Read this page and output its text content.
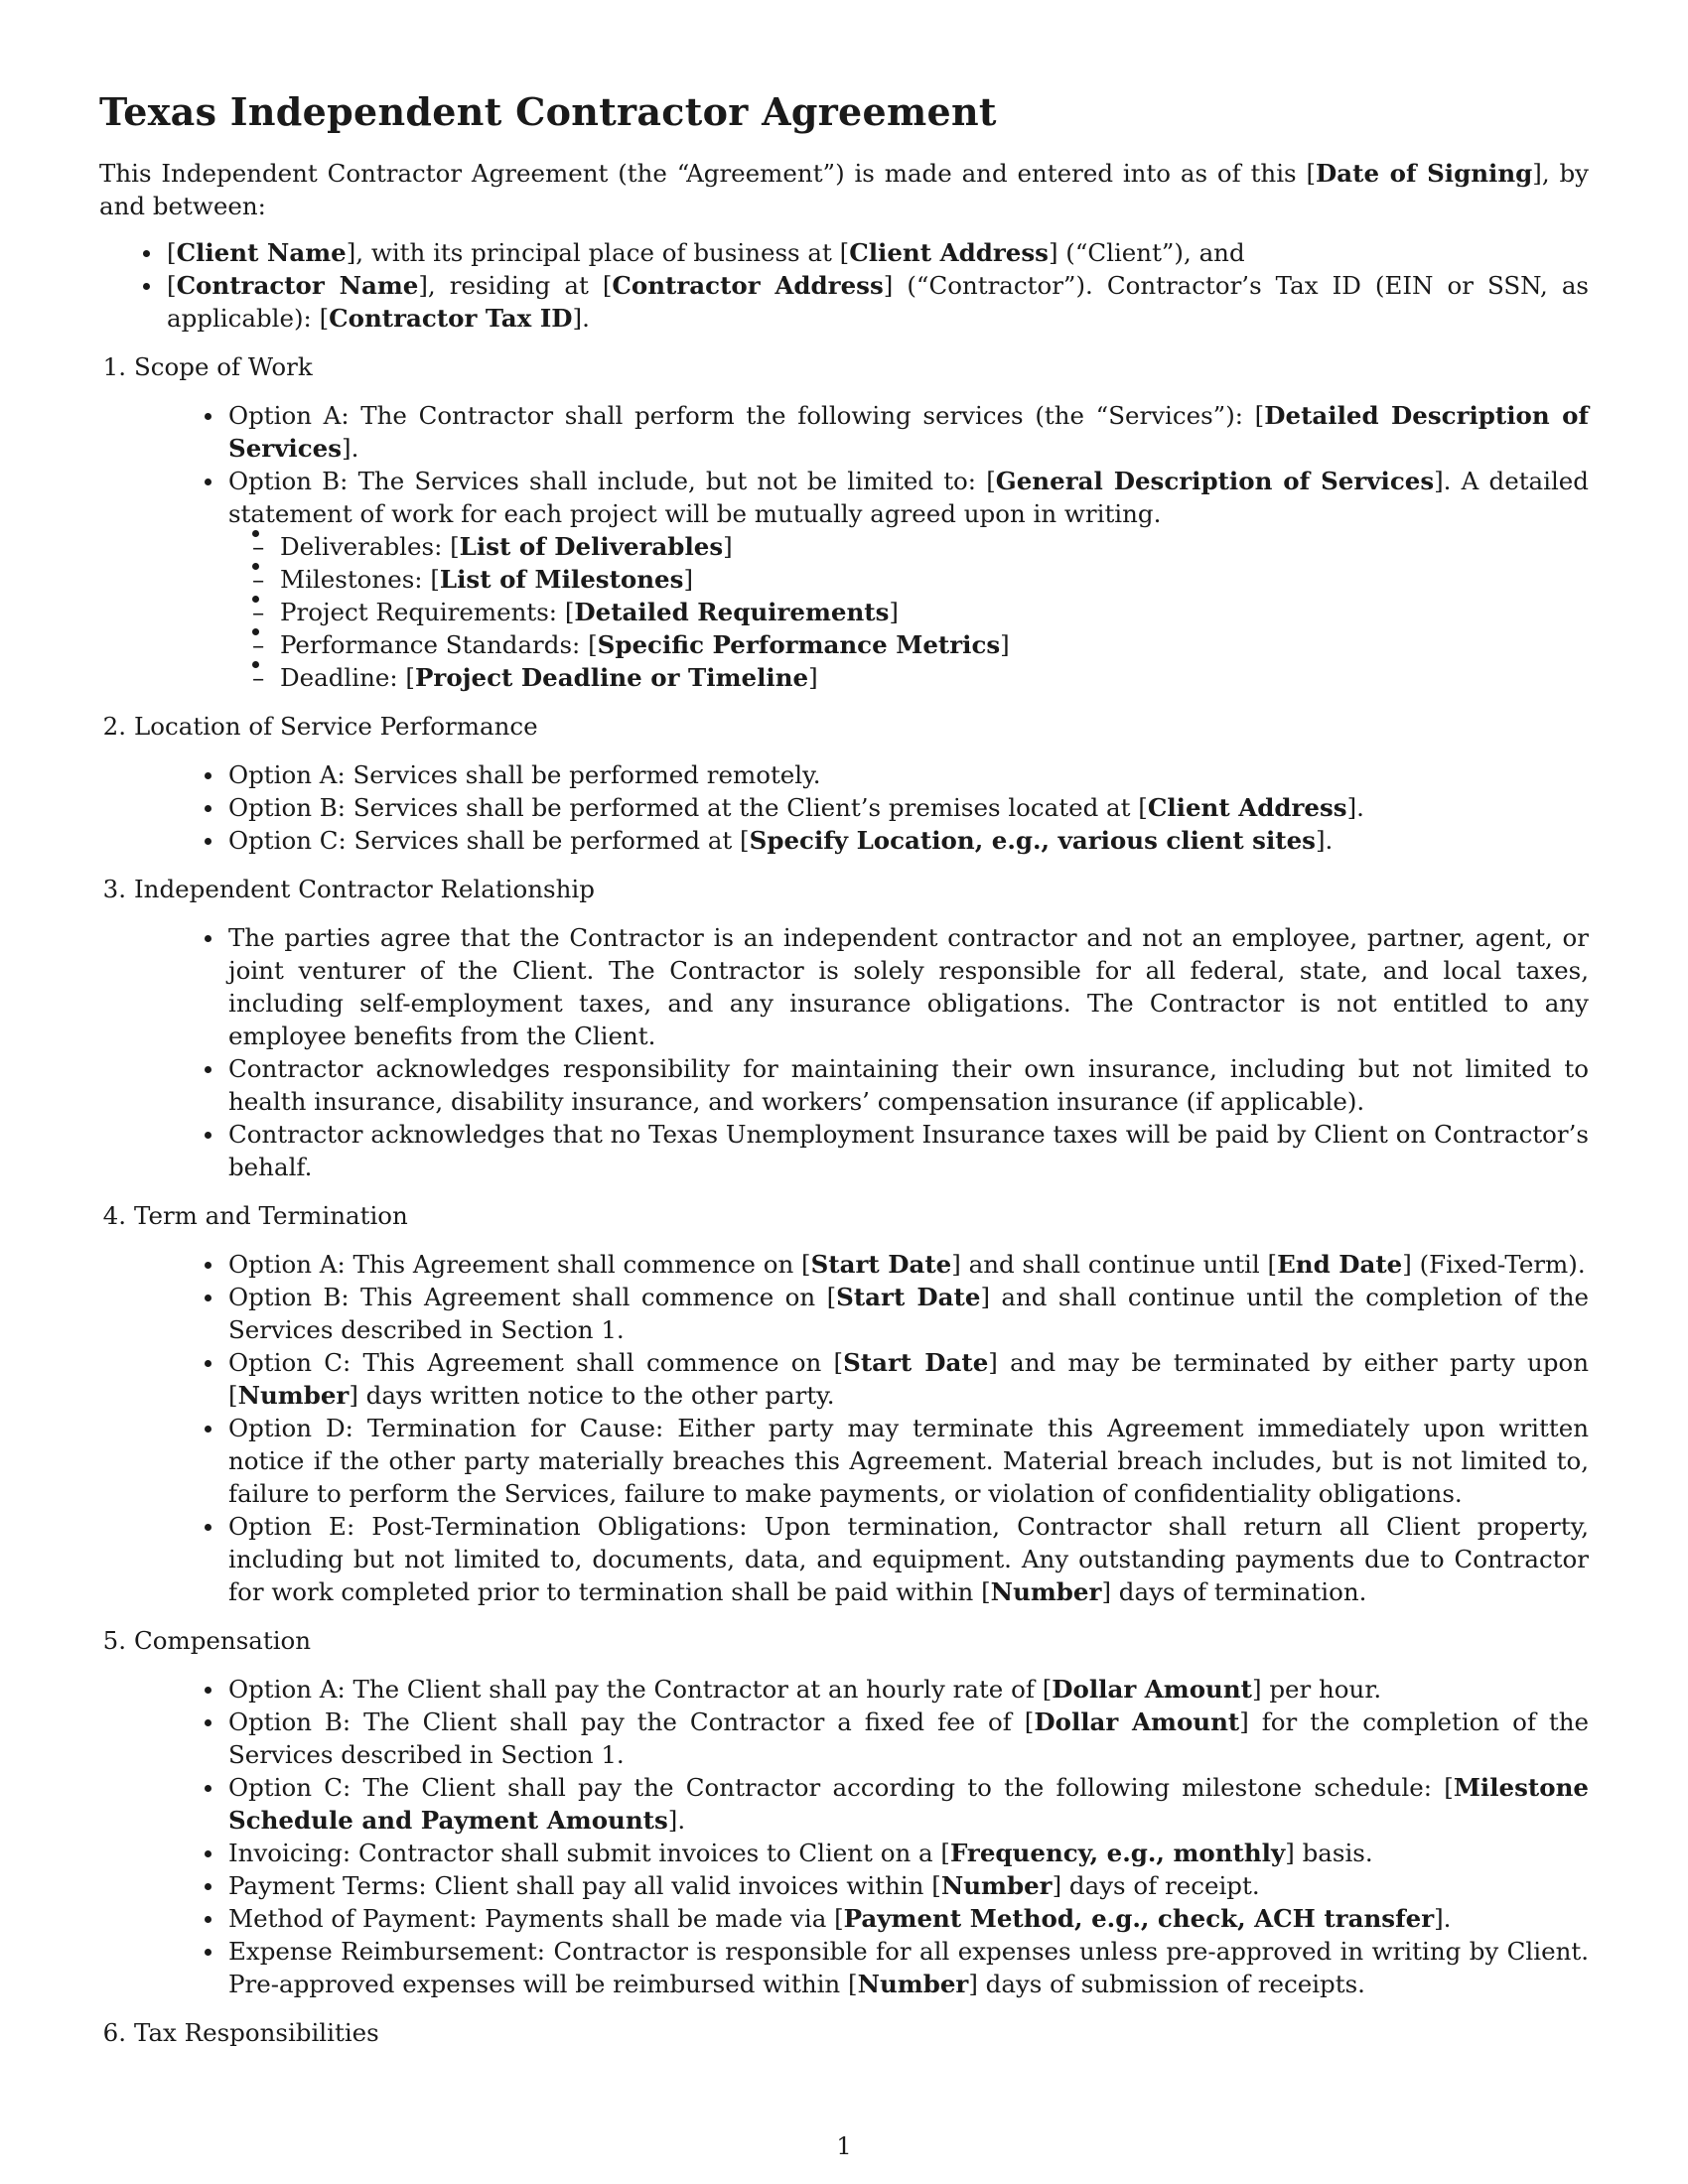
Texas Independent Contractor Agreement

This Independent Contractor Agreement (the “Agreement”) is made and entered into as of this [Date of Signing], by and between:

[Client Name], with its principal place of business at [Client Address] (“Client”), and
[Contractor Name], residing at [Contractor Address] (“Contractor”). Contractor’s Tax ID (EIN or SSN, as applicable): [Contractor Tax ID].
1. Scope of Work
Option A: The Contractor shall perform the following services (the “Services”): [Detailed Description of Services].
Option B: The Services shall include, but not be limited to: [General Description of Services]. A detailed statement of work for each project will be mutually agreed upon in writing.
– Deliverables: [List of Deliverables]
– Milestones: [List of Milestones]
– Project Requirements: [Detailed Requirements]
– Performance Standards: [Specific Performance Metrics]
– Deadline: [Project Deadline or Timeline]
2. Location of Service Performance
Option A: Services shall be performed remotely.
Option B: Services shall be performed at the Client’s premises located at [Client Address].
Option C: Services shall be performed at [Specify Location, e.g., various client sites].
3. Independent Contractor Relationship
The parties agree that the Contractor is an independent contractor and not an employee, partner, agent, or joint venturer of the Client. The Contractor is solely responsible for all federal, state, and local taxes, including self-employment taxes, and any insurance obligations. The Contractor is not entitled to any employee benefits from the Client.
Contractor acknowledges responsibility for maintaining their own insurance, including but not limited to health insurance, disability insurance, and workers’ compensation insurance (if applicable).
Contractor acknowledges that no Texas Unemployment Insurance taxes will be paid by Client on Contractor’s behalf.
4. Term and Termination
Option A: This Agreement shall commence on [Start Date] and shall continue until [End Date] (Fixed-Term).
Option B: This Agreement shall commence on [Start Date] and shall continue until the completion of the Services described in Section 1.
Option C: This Agreement shall commence on [Start Date] and may be terminated by either party upon [Number] days written notice to the other party.
Option D: Termination for Cause: Either party may terminate this Agreement immediately upon written notice if the other party materially breaches this Agreement. Material breach includes, but is not limited to, failure to perform the Services, failure to make payments, or violation of confidentiality obligations.
Option E: Post-Termination Obligations: Upon termination, Contractor shall return all Client property, including but not limited to, documents, data, and equipment. Any outstanding payments due to Contractor for work completed prior to termination shall be paid within [Number] days of termination.
5. Compensation
Option A: The Client shall pay the Contractor at an hourly rate of [Dollar Amount] per hour.
Option B: The Client shall pay the Contractor a fixed fee of [Dollar Amount] for the completion of the Services described in Section 1.
Option C: The Client shall pay the Contractor according to the following milestone schedule: [Milestone Schedule and Payment Amounts].
Invoicing: Contractor shall submit invoices to Client on a [Frequency, e.g., monthly] basis.
Payment Terms: Client shall pay all valid invoices within [Number] days of receipt.
Method of Payment: Payments shall be made via [Payment Method, e.g., check, ACH transfer].
Expense Reimbursement: Contractor is responsible for all expenses unless pre-approved in writing by Client. Pre-approved expenses will be reimbursed within [Number] days of submission of receipts.
6. Tax Responsibilities
1
